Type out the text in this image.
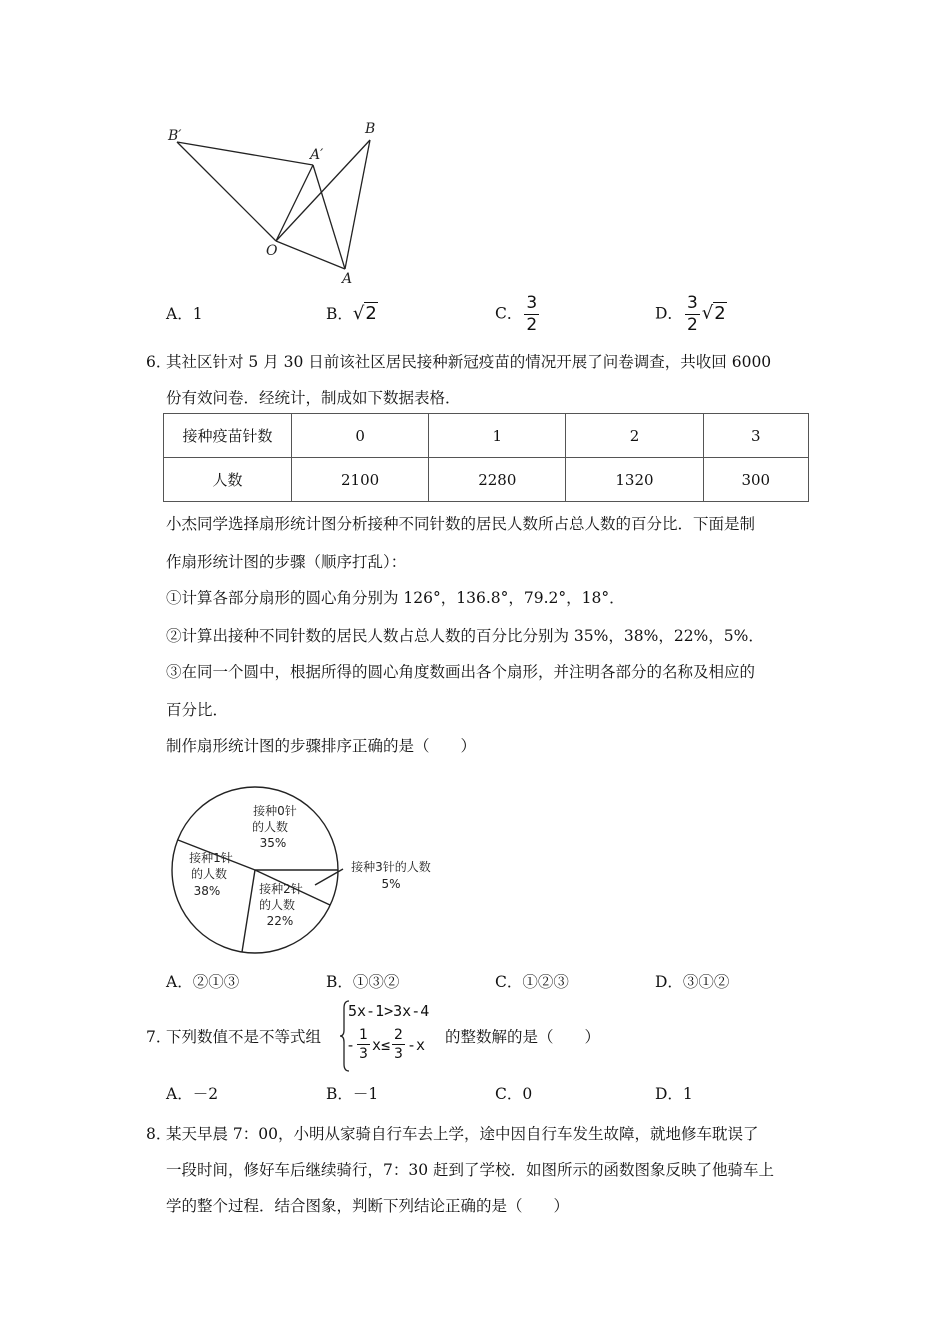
B′
A′
B
O
A
A．1	B．√2	C． $\frac{3}{2}$	D． $\frac{3}{2} √2$
6．
其社区针对 5 月 30 日前该社区居民接种新冠疫苗的情况开展了问卷调查，共收回 6000
份有效问卷．经统计，制成如下数据表格．
接种疫苗针数	0	1	2	3
人数	2100	2280	1320	300
小杰同学选择扇形统计图分析接种不同针数的居民人数所占总人数的百分比．下面是制
作扇形统计图的步骤（顺序打乱）：
①计算各部分扇形的圆心角分别为 126°，136.8°，79.2°，18°．
②计算出接种不同针数的居民人数占总人数的百分比分别为 35%，38%，22%，5%．
③在同一个圆中，根据所得的圆心角度数画出各个扇形，并注明各部分的名称及相应的
百分比．
制作扇形统计图的步骤排序正确的是（　　）
接种0针
的人数
35%
接种1针
的人数
38%	接种2针
的人数
22%
接种3针的人数
5%
A．②①③	B．①③②	C．①②③	D．③①②
7．
下列数值不是不等式组
5x-1>3x-4
- $\frac{1}{3} x\le \frac{2}{3} -x$ 的整数解的是（　　）
A．－2	B．－1	C．0	D．1
8．
某天早晨 7：00，小明从家骑自行车去上学，途中因自行车发生故障，就地修车耽误了
一段时间，修好车后继续骑行，7：30 赶到了学校．如图所示的函数图象反映了他骑车上
学的整个过程．结合图象，判断下列结论正确的是（　　）
